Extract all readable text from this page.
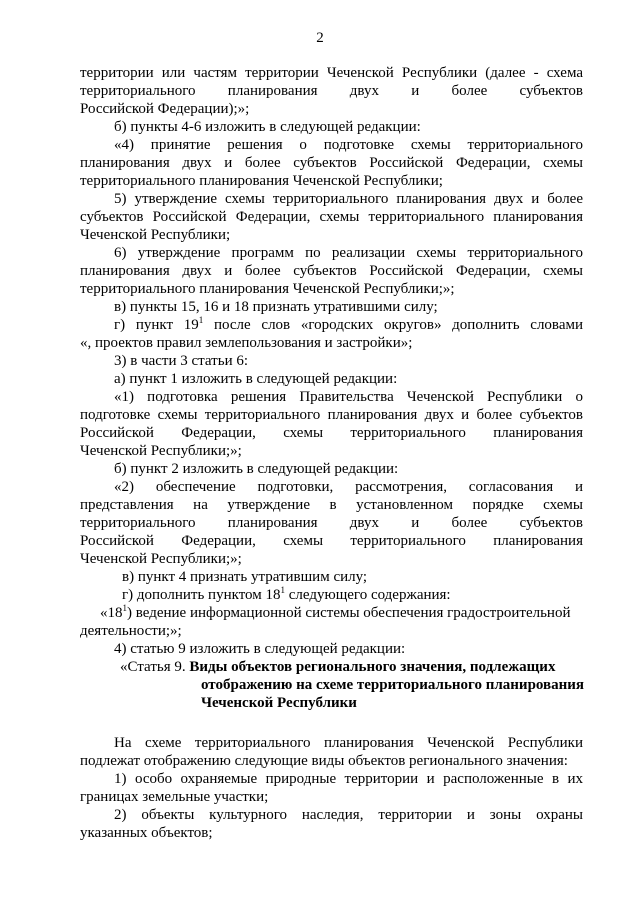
2
территории или частям территории Чеченской Республики (далее - схема
территориального планирования двух и более субъектов
Российской Федерации);»;
б) пункты 4-6 изложить в следующей редакции:
«4) принятие решения о подготовке схемы территориального
планирования двух и более субъектов Российской Федерации, схемы
территориального планирования Чеченской Республики;
5) утверждение схемы территориального планирования двух и более
субъектов Российской Федерации, схемы территориального планирования
Чеченской Республики;
6) утверждение программ по реализации схемы территориального
планирования двух и более субъектов Российской Федерации, схемы
территориального планирования Чеченской Республики;»;
в) пункты 15, 16 и 18 признать утратившими силу;
г) пункт $19^1$ после слов «городских округов» дополнить словами
«, проектов правил землепользования и застройки»;
3) в части 3 статьи 6:
а) пункт 1 изложить в следующей редакции:
«1) подготовка решения Правительства Чеченской Республики о
подготовке схемы территориального планирования двух и более субъектов
Российской Федерации, схемы территориального планирования
Чеченской Республики;»;
б) пункт 2 изложить в следующей редакции:
«2) обеспечение подготовки, рассмотрения, согласования и
представления на утверждение в установленном порядке схемы
территориального планирования двух и более субъектов
Российской Федерации, схемы территориального планирования
Чеченской Республики;»;
в) пункт 4 признать утратившим силу;
г) дополнить пунктом $18^1$ следующего содержания:
«$18^1$) ведение информационной системы обеспечения градостроительной
деятельности;»;
4) статью 9 изложить в следующей редакции:
«Статья 9. Виды объектов регионального значения, подлежащих
отображению на схеме территориального планирования
Чеченской Республики
На схеме территориального планирования Чеченской Республики
подлежат отображению следующие виды объектов регионального значения:
1) особо охраняемые природные территории и расположенные в их
границах земельные участки;
2) объекты культурного наследия, территории и зоны охраны
указанных объектов;
